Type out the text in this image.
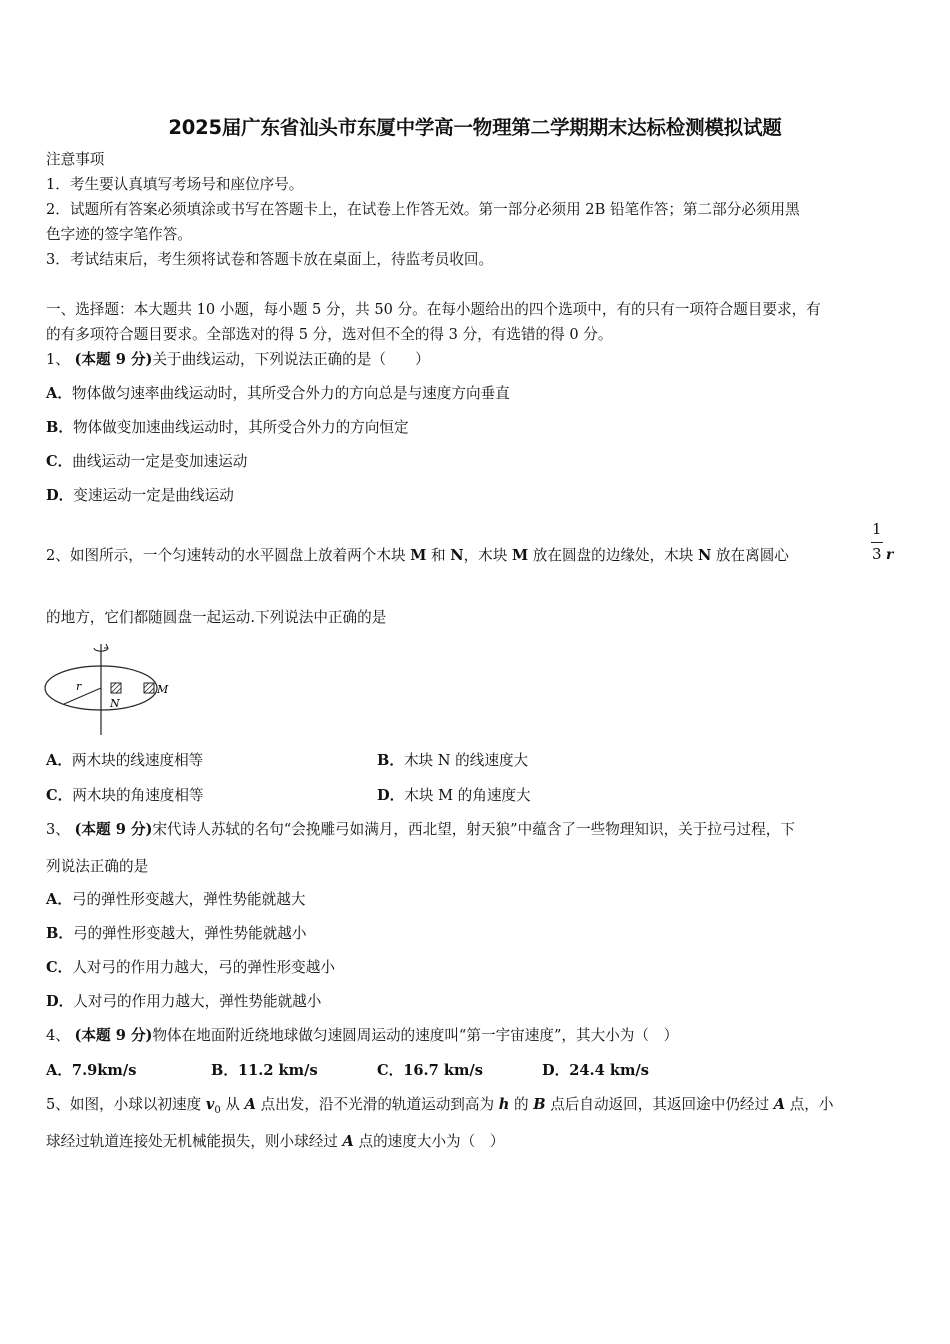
2025届广东省汕头市东厦中学高一物理第二学期期末达标检测模拟试题
注意事项
1．考生要认真填写考场号和座位序号。
2．试题所有答案必须填涂或书写在答题卡上，在试卷上作答无效。第一部分必须用 2B 铅笔作答；第二部分必须用黑
色字迹的签字笔作答。
3．考试结束后，考生须将试卷和答题卡放在桌面上，待监考员收回。
一、选择题：本大题共 10 小题，每小题 5 分，共 50 分。在每小题给出的四个选项中，有的只有一项符合题目要求，有
的有多项符合题目要求。全部选对的得 5 分，选对但不全的得 3 分，有选错的得 0 分。
1、 (本题 9 分)关于曲线运动，下列说法正确的是（　　）
A．物体做匀速率曲线运动时，其所受合外力的方向总是与速度方向垂直
B．物体做变加速曲线运动时，其所受合外力的方向恒定
C．曲线运动一定是变加速运动
D．变速运动一定是曲线运动
2、如图所示，一个匀速转动的水平圆盘上放着两个木块 M 和 N，木块 M 放在圆盘的边缘处，木块 N 放在离圆心
1
3 r
的地方，它们都随圆盘一起运动.下列说法中正确的是
r
N
M
A．两木块的线速度相等	B．木块 N 的线速度大
C．两木块的角速度相等	D．木块 M 的角速度大
3、 (本题 9 分)宋代诗人苏轼的名句“会挽雕弓如满月，西北望，射天狼”中蕴含了一些物理知识，关于拉弓过程，下
列说法正确的是
A．弓的弹性形变越大，弹性势能就越大
B．弓的弹性形变越大，弹性势能就越小
C．人对弓的作用力越大，弓的弹性形变越小
D．人对弓的作用力越大，弹性势能就越小
4、 (本题 9 分)物体在地面附近绕地球做匀速圆周运动的速度叫“第一宇宙速度”，其大小为（　）
A．7.9km/s	B．11.2 km/s	C．16.7 km/s	D．24.4 km/s
5、如图，小球以初速度 $v_0$ 从 A 点出发，沿不光滑的轨道运动到高为 h 的 B 点后自动返回，其返回途中仍经过 A 点，小
球经过轨道连接处无机械能损失，则小球经过 A 点的速度大小为（　）
